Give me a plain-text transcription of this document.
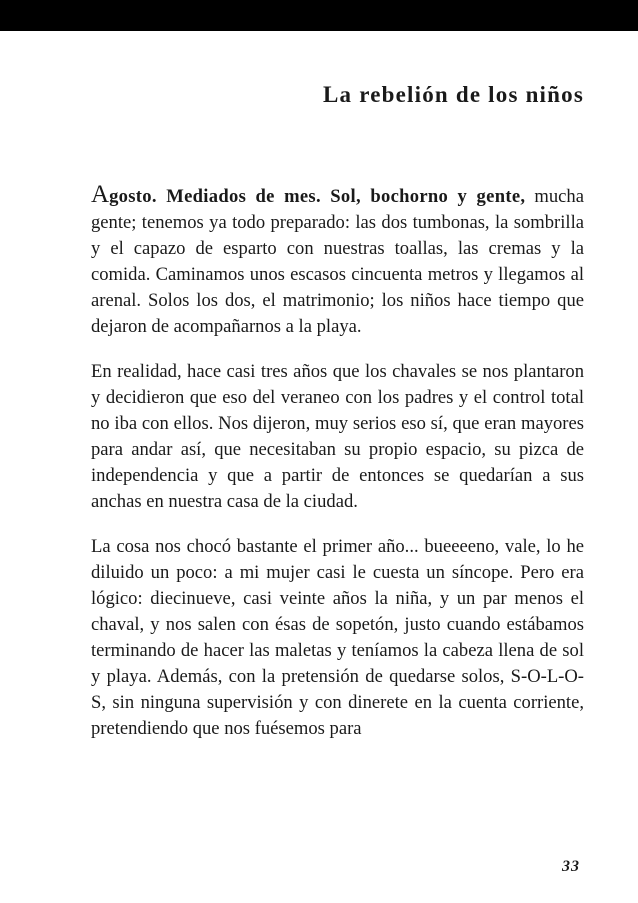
La rebelión de los niños

Agosto. Mediados de mes. Sol, bochorno y gente, mucha gente; tenemos ya todo preparado: las dos tumbonas, la sombrilla y el capazo de esparto con nuestras toallas, las cremas y la comida. Caminamos unos escasos cincuenta metros y llegamos al arenal. Solos los dos, el matrimonio; los niños hace tiempo que dejaron de acompañarnos a la playa.

En realidad, hace casi tres años que los chavales se nos plantaron y decidieron que eso del veraneo con los padres y el control total no iba con ellos. Nos dijeron, muy serios eso sí, que eran mayores para andar así, que necesitaban su propio espacio, su pizca de independencia y que a partir de entonces se quedarían a sus anchas en nuestra casa de la ciudad.

La cosa nos chocó bastante el primer año... bueeeeno, vale, lo he diluido un poco: a mi mujer casi le cuesta un síncope. Pero era lógico: diecinueve, casi veinte años la niña, y un par menos el chaval, y nos salen con ésas de sopetón, justo cuando estábamos terminando de hacer las maletas y teníamos la cabeza llena de sol y playa. Además, con la pretensión de quedarse solos, S-O-L-O-S, sin ninguna supervisión y con dinerete en la cuenta corriente, pretendiendo que nos fuésemos para

33
